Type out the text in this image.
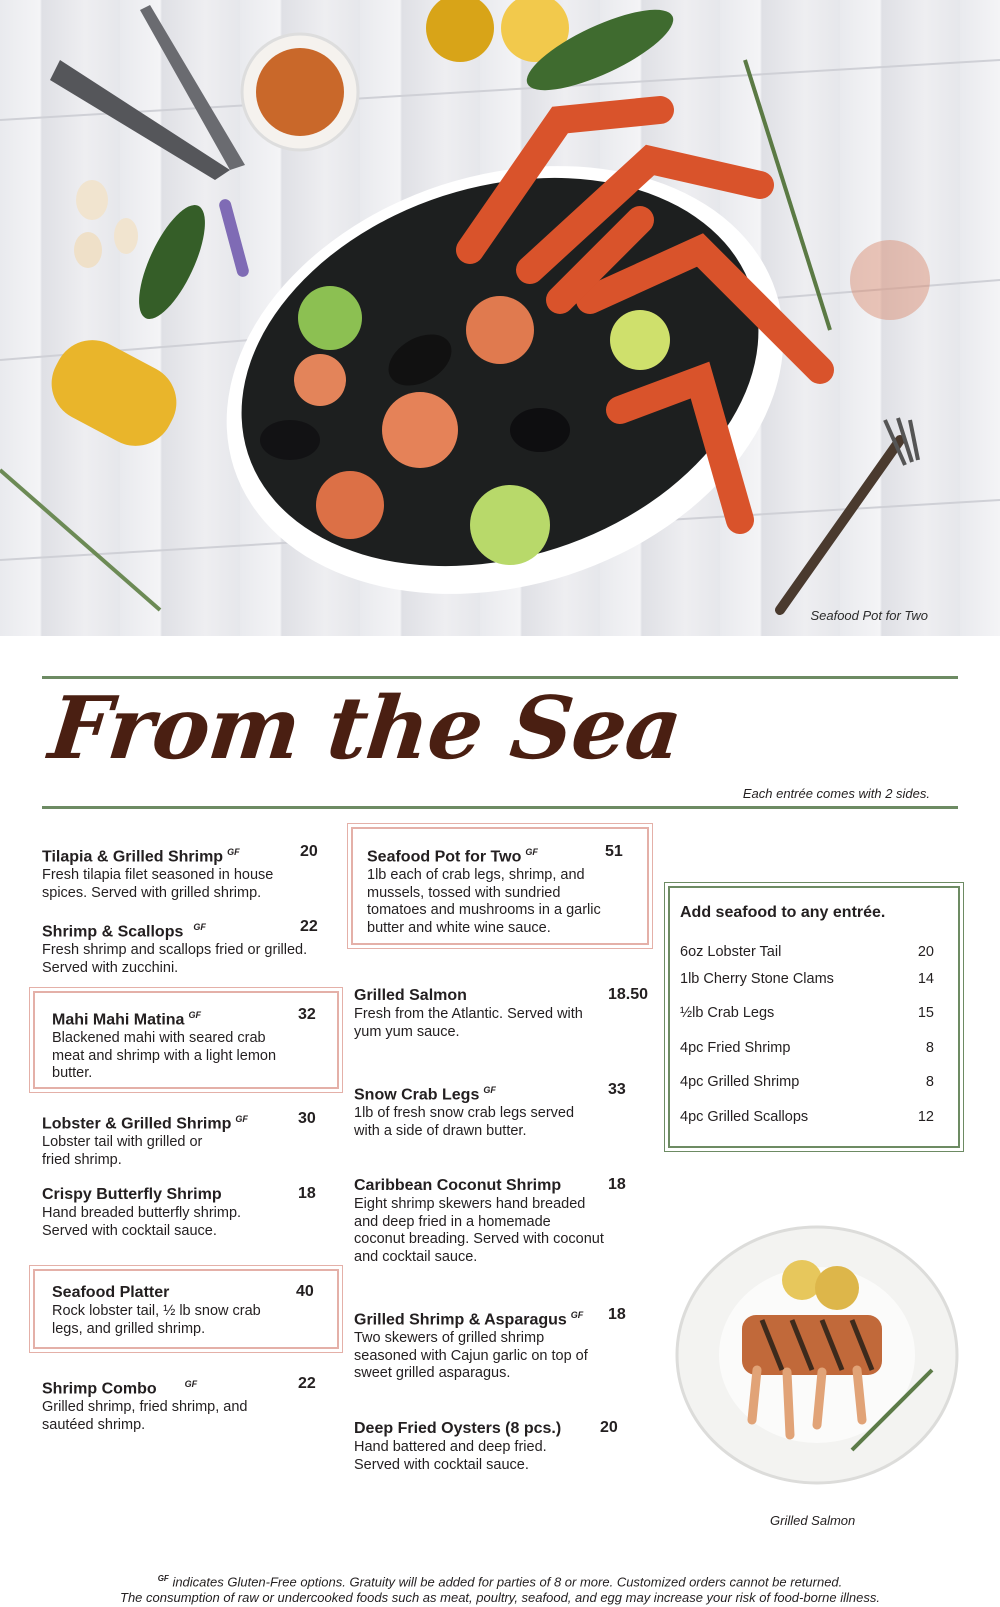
Seafood Pot for Two
From the Sea
Each entrée comes with 2 sides.
Tilapia & Grilled Shrimp $^{GF}$	20
Fresh tilapia filet seasoned in house spices. Served with grilled shrimp.
Shrimp & Scallops $^{GF}$	22
Fresh shrimp and scallops fried or grilled. Served with zucchini.
Mahi Mahi Matina $^{GF}$	32
Blackened mahi with seared crab meat and shrimp with a light lemon butter.
Lobster & Grilled Shrimp $^{GF}$	30
Lobster tail with grilled or fried shrimp.
Crispy Butterfly Shrimp	18
Hand breaded butterfly shrimp. Served with cocktail sauce.
Seafood Platter	40
Rock lobster tail, ½ lb snow crab legs, and grilled shrimp.
Shrimp Combo	$^{GF}$	22
Grilled shrimp, fried shrimp, and sautéed shrimp.
Seafood Pot for Two $^{GF}$	51
1lb each of crab legs, shrimp, and mussels, tossed with sundried tomatoes and mushrooms in a garlic butter and white wine sauce.
Grilled Salmon	18.50
Fresh from the Atlantic. Served with yum yum sauce.
Snow Crab Legs $^{GF}$	33
1lb of fresh snow crab legs served with a side of drawn butter.
Caribbean Coconut Shrimp	18
Eight shrimp skewers hand breaded and deep fried in a homemade coconut breading. Served with coconut and cocktail sauce.
Grilled Shrimp & Asparagus $^{GF}$	18
Two skewers of grilled shrimp seasoned with Cajun garlic on top of sweet grilled asparagus.
Deep Fried Oysters (8 pcs.)	20
Hand battered and deep fried. Served with cocktail sauce.
Add seafood to any entrée.
6oz Lobster Tail	20
1lb Cherry Stone Clams	14
½lb Crab Legs	15
4pc Fried Shrimp	8
4pc Grilled Shrimp	8
4pc Grilled Scallops	12
Grilled Salmon
$^{GF}$ indicates Gluten-Free options. Gratuity will be added for parties of 8 or more. Customized orders cannot be returned.
The consumption of raw or undercooked foods such as meat, poultry, seafood, and egg may increase your risk of food-borne illness.
